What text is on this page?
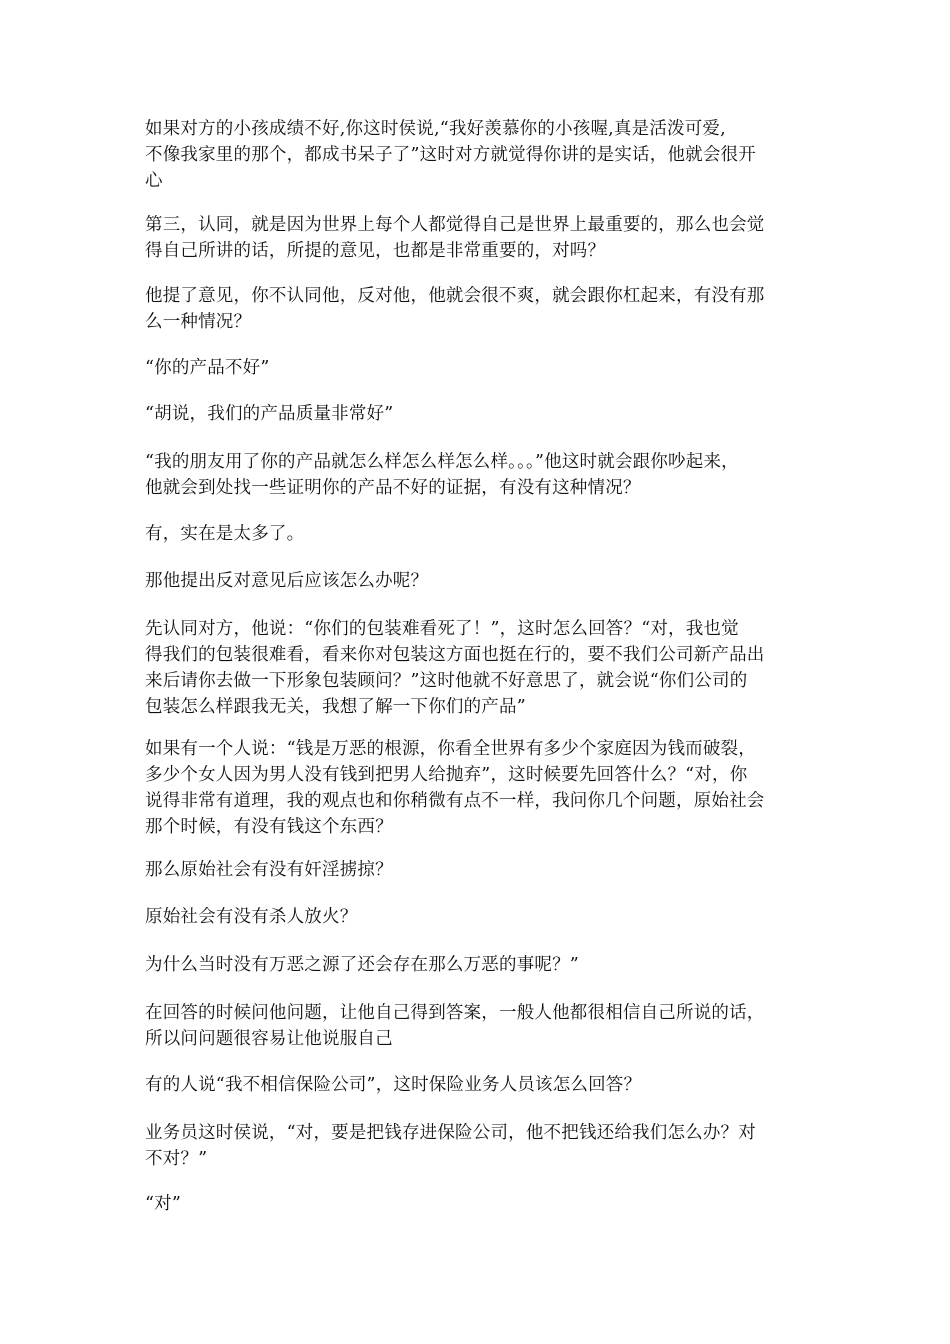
如果对方的小孩成绩不好,你这时侯说,“我好羡慕你的小孩喔,真是活泼可爱,
不像我家里的那个，都成书呆子了”这时对方就觉得你讲的是实话，他就会很开
心
第三，认同，就是因为世界上每个人都觉得自己是世界上最重要的，那么也会觉
得自己所讲的话，所提的意见，也都是非常重要的，对吗？
他提了意见，你不认同他，反对他，他就会很不爽，就会跟你杠起来，有没有那
么一种情况？
“你的产品不好”
“胡说，我们的产品质量非常好”
“我的朋友用了你的产品就怎么样怎么样怎么样。。。”他这时就会跟你吵起来，
他就会到处找一些证明你的产品不好的证据，有没有这种情况？
有，实在是太多了。
那他提出反对意见后应该怎么办呢？
先认同对方，他说：“你们的包装难看死了！”，这时怎么回答？“对，我也觉
得我们的包装很难看，看来你对包装这方面也挺在行的，要不我们公司新产品出
来后请你去做一下形象包装顾问？”这时他就不好意思了，就会说“你们公司的
包装怎么样跟我无关，我想了解一下你们的产品”
如果有一个人说：“钱是万恶的根源，你看全世界有多少个家庭因为钱而破裂，
多少个女人因为男人没有钱到把男人给抛弃”，这时候要先回答什么？“对，你
说得非常有道理，我的观点也和你稍微有点不一样，我问你几个问题，原始社会
那个时候，有没有钱这个东西？
那么原始社会有没有奸淫掳掠？
原始社会有没有杀人放火？
为什么当时没有万恶之源了还会存在那么万恶的事呢？”
在回答的时候问他问题，让他自己得到答案，一般人他都很相信自己所说的话，
所以问问题很容易让他说服自己
有的人说“我不相信保险公司”，这时保险业务人员该怎么回答？
业务员这时侯说，“对，要是把钱存进保险公司，他不把钱还给我们怎么办？对
不对？”
“对”
